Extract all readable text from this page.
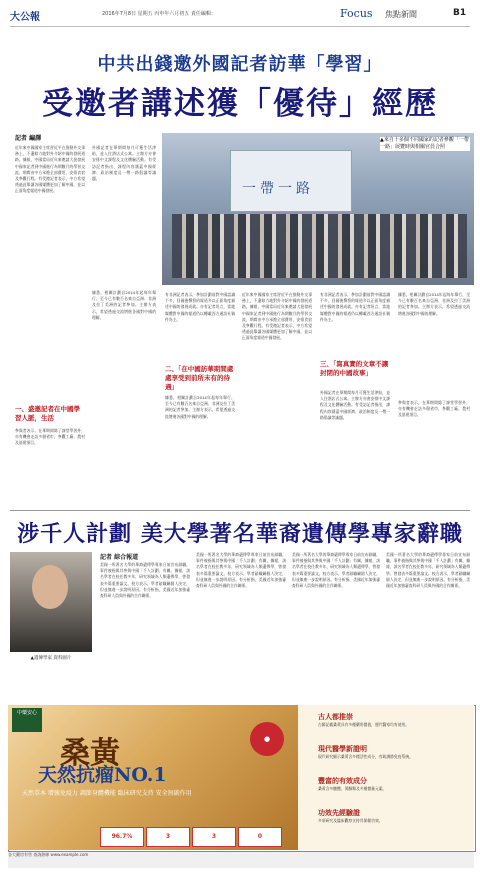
大公報	2016年7月8日 星期五 丙申年六月初五 責任編輯：	Focus 焦點新聞	B1
中共出錢邀外國記者訪華「學習」
受邀者講述獲「優待」經歷
記者 編譯
近年來中國國家主席習近平在推動外交事務上，不遺餘力地對外介紹中國的發展道路。據報，中國當局近年來邀請大批發展中國家記者到中國進行為期數月的學習交流，期間由中方承擔全部費用，安排食宿及參觀行程。有受邀記者表示，中方希望透過此舉讓各國媒體更加了解中國，並以正面角度報道中國發展。
一、盛邀記者在中國學習人脈，生活
參與者表示，在華期間除了課堂學習外，亦有機會走訪多個省市，參觀工廠、農村及基建項目。
外國記者在華期間每月可獲生活津貼，並入住酒店式公寓。主辦方亦會安排中文課程及文化體驗活動。有受訪記者指出，課程內容涵蓋中國經濟、政治制度及一帶一路倡議等議題。
據悉，相關計劃自2014年起每年舉行，至今已有數百名來自亞洲、非洲及拉丁美洲的記者參加。主辦方表示，希望透過交流增進各國對中國的理解。
一帶一路
▲來自十多個不同國家的記者參觀「一帶一路」展覽時與相關官員合照
有非洲記者表示，參加計劃前對中國認識不多，回國後撰寫的報道多以正面角度描述中國的發展成就。亦有記者坦言，當地媒體對中國的報道仍以轉載西方通訊社稿件為主。
二、「在中國訪華期間處處享受到前所未有的待遇」
據悉，相關計劃自2014年起每年舉行，至今已有數百名來自亞洲、非洲及拉丁美洲的記者參加。主辦方表示，希望透過交流增進各國對中國的理解。
近年來中國國家主席習近平在推動外交事務上，不遺餘力地對外介紹中國的發展道路。據報，中國當局近年來邀請大批發展中國家記者到中國進行為期數月的學習交流，期間由中方承擔全部費用，安排食宿及參觀行程。有受邀記者表示，中方希望透過此舉讓各國媒體更加了解中國，並以正面角度報道中國發展。
有非洲記者表示，參加計劃前對中國認識不多，回國後撰寫的報道多以正面角度描述中國的發展成就。亦有記者坦言，當地媒體對中國的報道仍以轉載西方通訊社稿件為主。
三、「寫真實的文章不讓封閉的中國故事」
外國記者在華期間每月可獲生活津貼，並入住酒店式公寓。主辦方亦會安排中文課程及文化體驗活動。有受訪記者指出，課程內容涵蓋中國經濟、政治制度及一帶一路倡議等議題。
據悉，相關計劃自2014年起每年舉行，至今已有數百名來自亞洲、非洲及拉丁美洲的記者參加。主辦方表示，希望透過交流增進各國對中國的理解。
參與者表示，在華期間除了課堂學習外，亦有機會走訪多個省市，參觀工廠、農村及基建項目。
涉千人計劃 美大學著名華裔遺傳學專家辭職
▲遺傳學家 資料圖片
記者 綜合報道
美國一所著名大學的華裔遺傳學專家日前宣布辭職，事件被指與其參與中國「千人計劃」有關。據報，該名學者在校任教多年，研究領域為人類遺傳學，曾發表多篇重要論文。校方表示，學者辭職屬個人決定，但並無進一步說明原因。有分析指，美國近年加強審查科研人員與外國的合作關係。
美國一所著名大學的華裔遺傳學專家日前宣布辭職，事件被指與其參與中國「千人計劃」有關。據報，該名學者在校任教多年，研究領域為人類遺傳學，曾發表多篇重要論文。校方表示，學者辭職屬個人決定，但並無進一步說明原因。有分析指，美國近年加強審查科研人員與外國的合作關係。
美國一所著名大學的華裔遺傳學專家日前宣布辭職，事件被指與其參與中國「千人計劃」有關。據報，該名學者在校任教多年，研究領域為人類遺傳學，曾發表多篇重要論文。校方表示，學者辭職屬個人決定，但並無進一步說明原因。有分析指，美國近年加強審查科研人員與外國的合作關係。
美國一所著名大學的華裔遺傳學專家日前宣布辭職，事件被指與其參與中國「千人計劃」有關。據報，該名學者在校任教多年，研究領域為人類遺傳學，曾發表多篇重要論文。校方表示，學者辭職屬個人決定，但並無進一步說明原因。有分析指，美國近年加強審查科研人員與外國的合作關係。
中藥安心
桑黃
天然抗瘤NO.1
天然草本 增強免疫力 調節身體機能 臨床研究支持 安全無副作用
●
古人都推崇
古籍記載桑黃具有多種藥用價值，歷代醫家均有使用。
現代醫學新證明
現代研究顯示桑黃含多種活性成分，有助調節免疫系統。
豐富的有效成分
桑黃含多醣體、黃酮類及多種微量元素。
功效先經驗證
多項研究及臨床觀察支持其保健功效。
96.7%	3	3	0
各大藥房有售 查詢熱線 www.example.com
